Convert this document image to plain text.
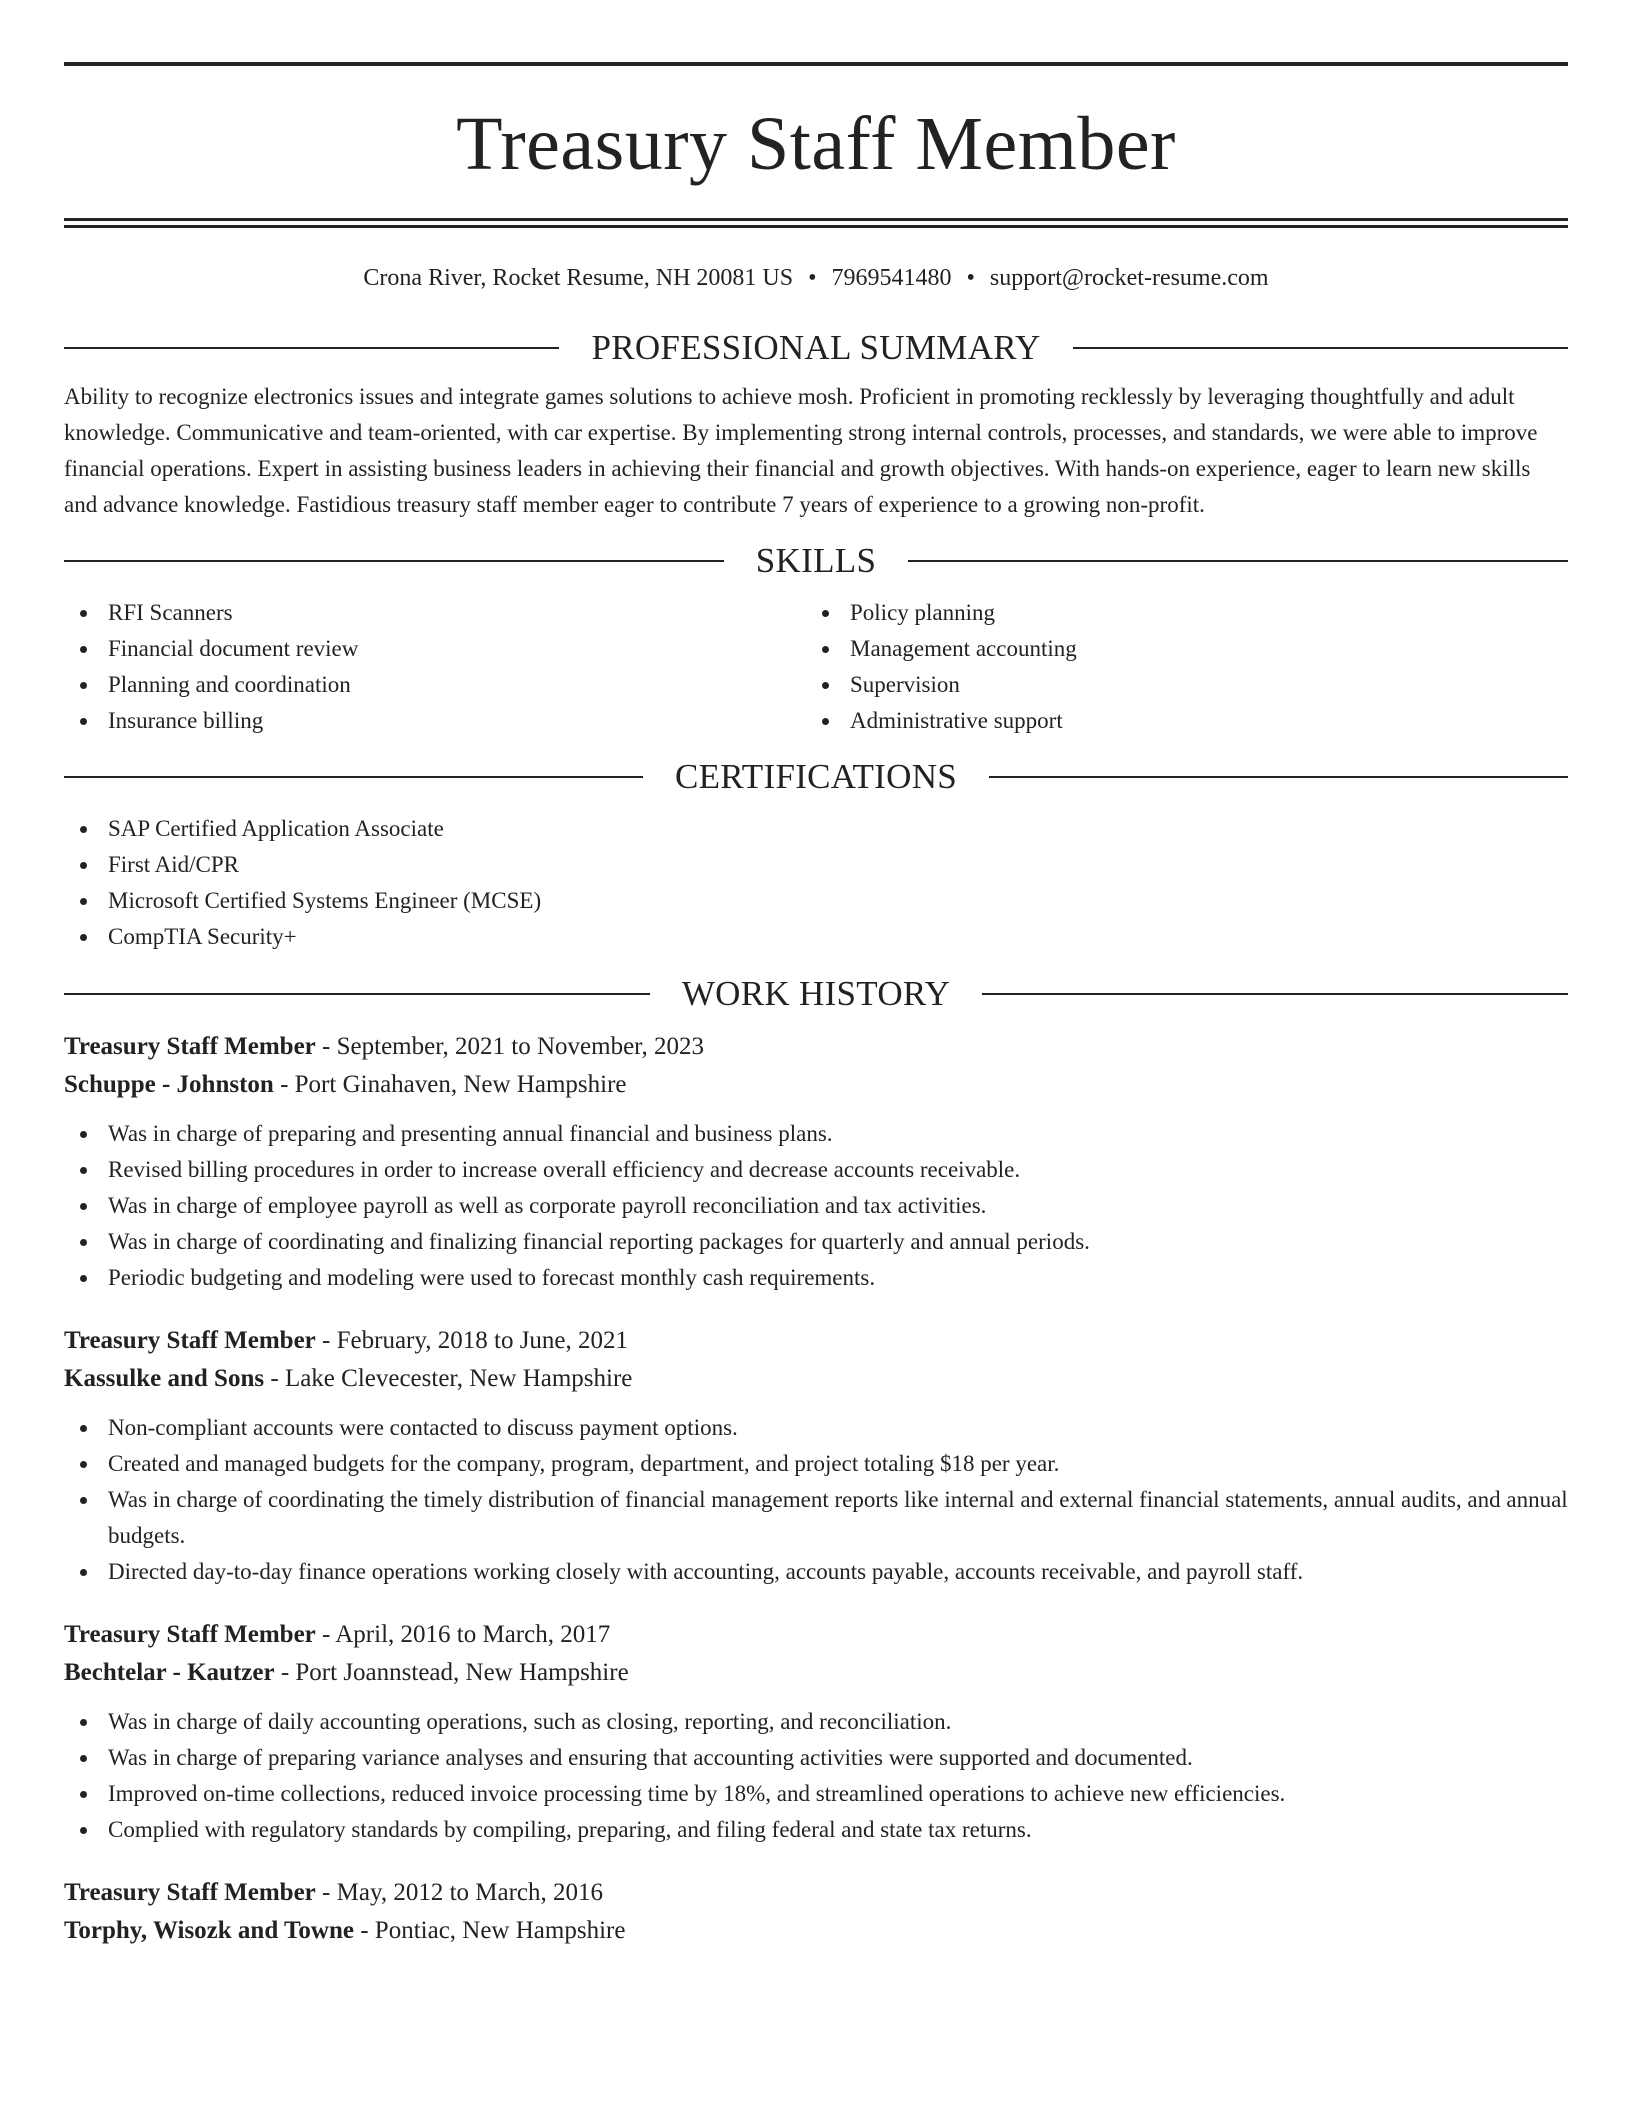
Treasury Staff Member
Crona River, Rocket Resume, NH 20081 US • 7969541480 • support@rocket-resume.com
PROFESSIONAL SUMMARY

Ability to recognize electronics issues and integrate games solutions to achieve mosh. Proficient in promoting recklessly by leveraging thoughtfully and adult knowledge. Communicative and team-oriented, with car expertise. By implementing strong internal controls, processes, and standards, we were able to improve financial operations. Expert in assisting business leaders in achieving their financial and growth objectives. With hands-on experience, eager to learn new skills and advance knowledge. Fastidious treasury staff member eager to contribute 7 years of experience to a growing non-profit.

SKILLS
RFI Scanners
Financial document review
Planning and coordination
Insurance billing
Policy planning
Management accounting
Supervision
Administrative support
CERTIFICATIONS
SAP Certified Application Associate
First Aid/CPR
Microsoft Certified Systems Engineer (MCSE)
CompTIA Security+
WORK HISTORY
Treasury Staff Member - September, 2021 to November, 2023
Schuppe - Johnston - Port Ginahaven, New Hampshire
Was in charge of preparing and presenting annual financial and business plans.
Revised billing procedures in order to increase overall efficiency and decrease accounts receivable.
Was in charge of employee payroll as well as corporate payroll reconciliation and tax activities.
Was in charge of coordinating and finalizing financial reporting packages for quarterly and annual periods.
Periodic budgeting and modeling were used to forecast monthly cash requirements.
Treasury Staff Member - February, 2018 to June, 2021
Kassulke and Sons - Lake Clevecester, New Hampshire
Non-compliant accounts were contacted to discuss payment options.
Created and managed budgets for the company, program, department, and project totaling $18 per year.
Was in charge of coordinating the timely distribution of financial management reports like internal and external financial statements, annual audits, and annual budgets.
Directed day-to-day finance operations working closely with accounting, accounts payable, accounts receivable, and payroll staff.
Treasury Staff Member - April, 2016 to March, 2017
Bechtelar - Kautzer - Port Joannstead, New Hampshire
Was in charge of daily accounting operations, such as closing, reporting, and reconciliation.
Was in charge of preparing variance analyses and ensuring that accounting activities were supported and documented.
Improved on-time collections, reduced invoice processing time by 18%, and streamlined operations to achieve new efficiencies.
Complied with regulatory standards by compiling, preparing, and filing federal and state tax returns.
Treasury Staff Member - May, 2012 to March, 2016
Torphy, Wisozk and Towne - Pontiac, New Hampshire
